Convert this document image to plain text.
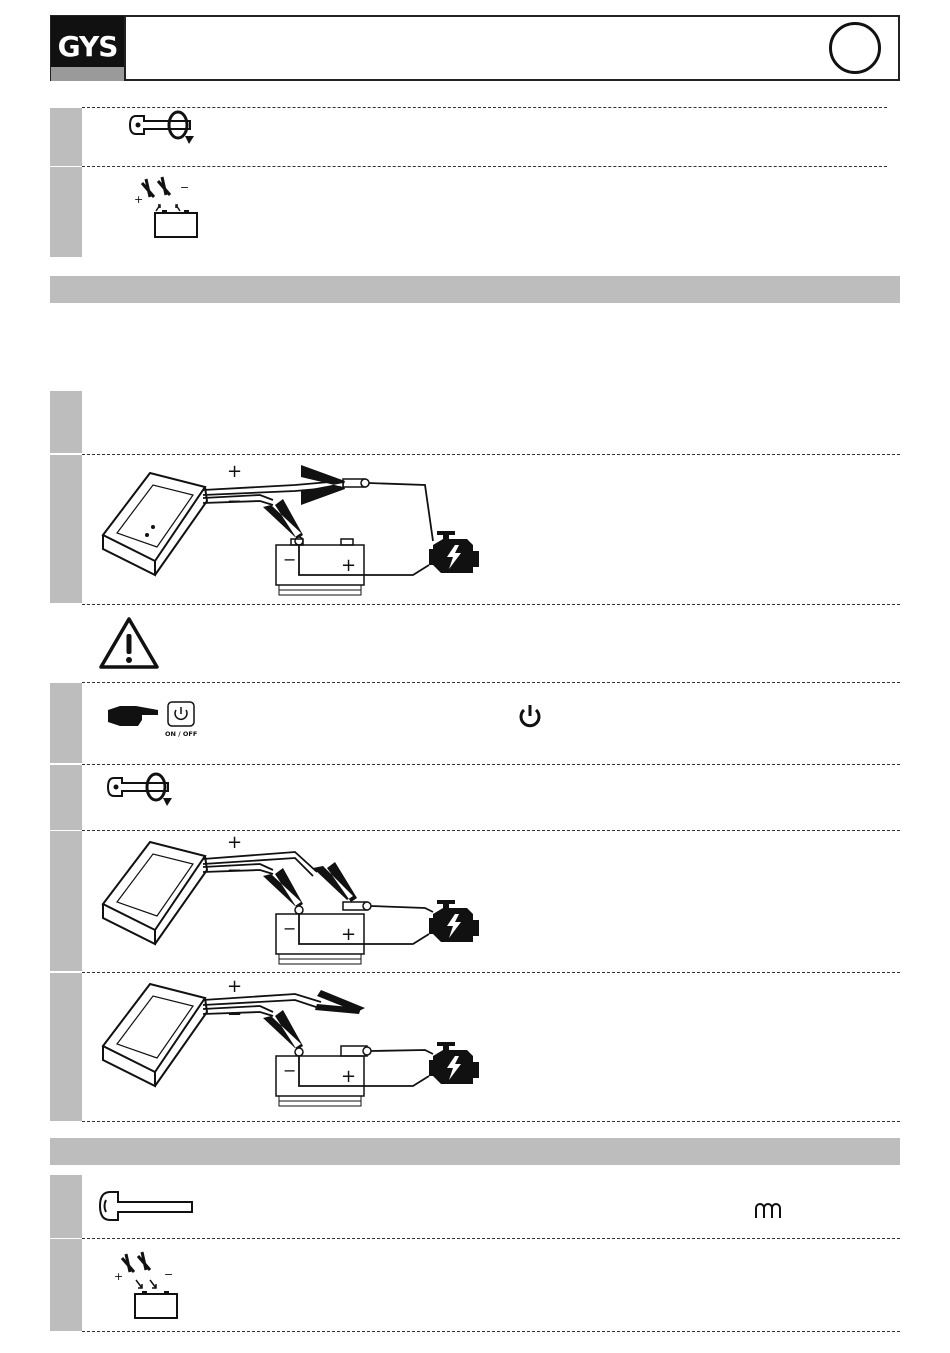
GYS
+
−
+
−
− +
ON / OFF
+
−
− +
+
−
− +
+	−
